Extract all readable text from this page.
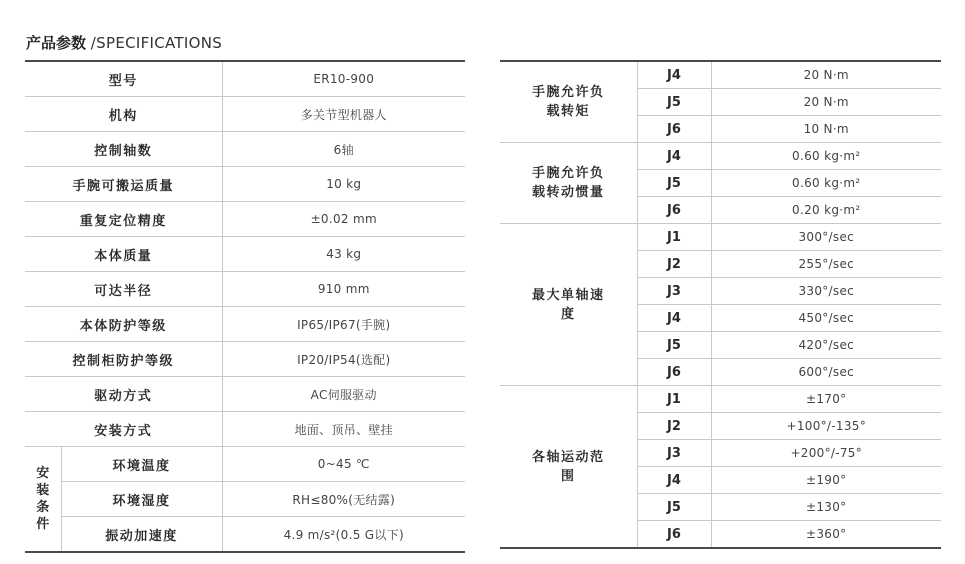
产品参数 /SPECIFICATIONS
型号		ER10-900
机构		多关节型机器人
控制轴数		6轴
手腕可搬运质量		10 kg
重复定位精度		±0.02 mm
本体质量		43 kg
可达半径		910 mm
本体防护等级		IP65/IP67(手腕)
控制柜防护等级		IP20/IP54(选配)
驱动方式		AC伺服驱动
安装方式		地面、顶吊、壁挂
安装条件	环境温度	0~45 ℃
	环境湿度	RH≤80%(无结露)
	振动加速度	4.9 m/s²(0.5 G以下)
手腕允许负载转矩	J4	20 N·m
	J5	20 N·m
	J6	10 N·m
手腕允许负载转动惯量	J4	0.60 kg·m²
	J5	0.60 kg·m²
	J6	0.20 kg·m²
最大单轴速度	J1	300°/sec
	J2	255°/sec
	J3	330°/sec
	J4	450°/sec
	J5	420°/sec
	J6	600°/sec
各轴运动范围	J1	±170°
	J2	+100°/-135°
	J3	+200°/-75°
	J4	±190°
	J5	±130°
	J6	±360°
